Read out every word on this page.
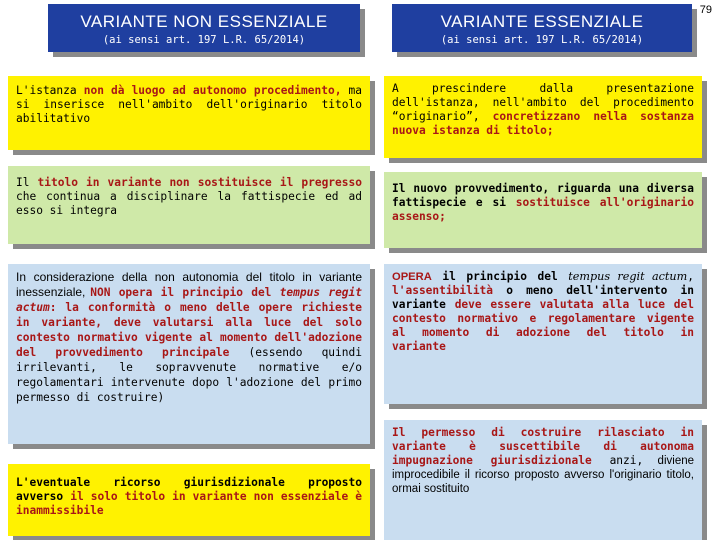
79
VARIANTE NON ESSENZIALE
(ai sensi art. 197 L.R. 65/2014)
VARIANTE ESSENZIALE
(ai sensi art. 197 L.R. 65/2014)
L'istanza non dà luogo ad autonomo procedimento, ma si inserisce nell'ambito dell'originario titolo abilitativo
Il titolo in variante non sostituisce il pregresso che continua a disciplinare la fattispecie ed ad esso si integra
In considerazione della non autonomia del titolo in variante inessenziale, NON opera il principio del tempus regit actum: la conformità o meno delle opere richieste in variante, deve valutarsi alla luce del solo contesto normativo vigente al momento dell'adozione del provvedimento principale (essendo quindi irrilevanti, le sopravvenute normative e/o regolamentari intervenute dopo l'adozione del primo permesso di costruire)
L'eventuale ricorso giurisdizionale proposto avverso il solo titolo in variante non essenziale è inammissibile
A prescindere dalla presentazione dell'istanza, nell'ambito del procedimento “originario”, concretizzano nella sostanza nuova istanza di titolo;
Il nuovo provvedimento, riguarda una diversa fattispecie e si sostituisce all'originario assenso;
OPERA il principio del tempus regit actum, l'assentibilità o meno dell'intervento in variante deve essere valutata alla luce del contesto normativo e regolamentare vigente al momento di adozione del titolo in variante
Il permesso di costruire rilasciato in variante è suscettibile di autonoma impugnazione giurisdizionale anzi, diviene improcedibile il ricorso proposto avverso l'originario titolo, ormai sostituito
